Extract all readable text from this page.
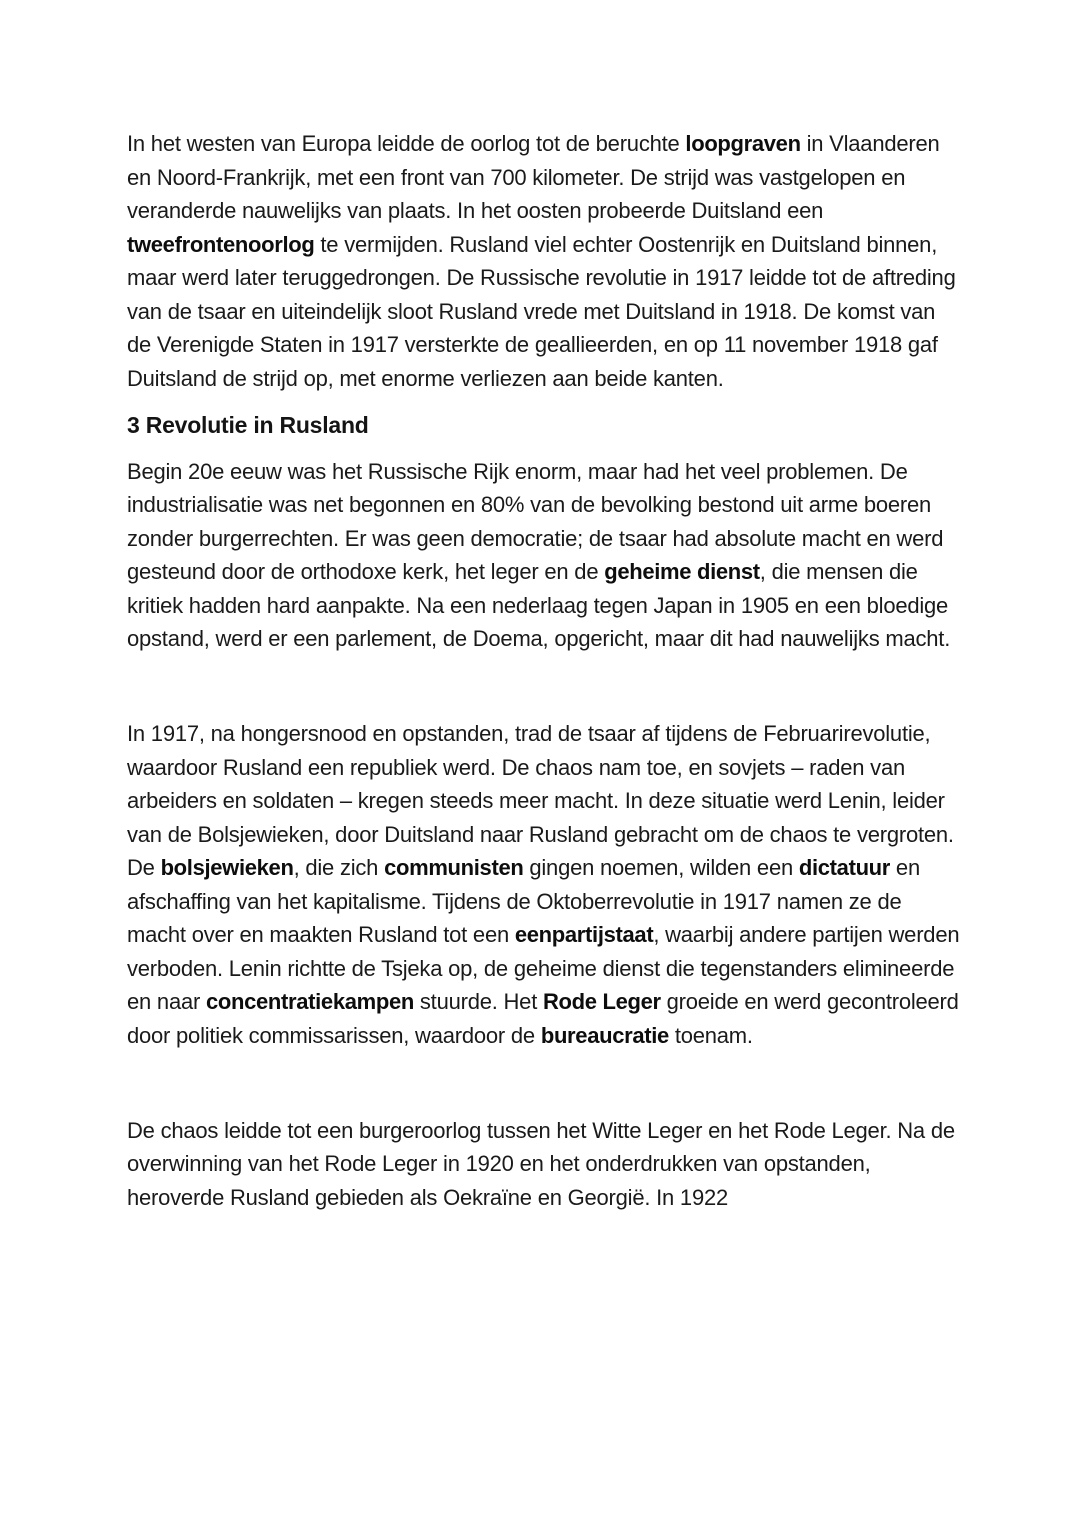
In het westen van Europa leidde de oorlog tot de beruchte loopgraven in Vlaanderen en Noord-Frankrijk, met een front van 700 kilometer. De strijd was vastgelopen en veranderde nauwelijks van plaats. In het oosten probeerde Duitsland een tweefrontenoorlog te vermijden. Rusland viel echter Oostenrijk en Duitsland binnen, maar werd later teruggedrongen. De Russische revolutie in 1917 leidde tot de aftreding van de tsaar en uiteindelijk sloot Rusland vrede met Duitsland in 1918. De komst van de Verenigde Staten in 1917 versterkte de geallieerden, en op 11 november 1918 gaf Duitsland de strijd op, met enorme verliezen aan beide kanten.

3 Revolutie in Rusland

Begin 20e eeuw was het Russische Rijk enorm, maar had het veel problemen. De industrialisatie was net begonnen en 80% van de bevolking bestond uit arme boeren zonder burgerrechten. Er was geen democratie; de tsaar had absolute macht en werd gesteund door de orthodoxe kerk, het leger en de geheime dienst, die mensen die kritiek hadden hard aanpakte. Na een nederlaag tegen Japan in 1905 en een bloedige opstand, werd er een parlement, de Doema, opgericht, maar dit had nauwelijks macht.

In 1917, na hongersnood en opstanden, trad de tsaar af tijdens de Februarirevolutie, waardoor Rusland een republiek werd. De chaos nam toe, en sovjets – raden van arbeiders en soldaten – kregen steeds meer macht. In deze situatie werd Lenin, leider van de Bolsjewieken, door Duitsland naar Rusland gebracht om de chaos te vergroten. De bolsjewieken, die zich communisten gingen noemen, wilden een dictatuur en afschaffing van het kapitalisme. Tijdens de Oktoberrevolutie in 1917 namen ze de macht over en maakten Rusland tot een eenpartijstaat, waarbij andere partijen werden verboden. Lenin richtte de Tsjeka op, de geheime dienst die tegenstanders elimineerde en naar concentratiekampen stuurde. Het Rode Leger groeide en werd gecontroleerd door politiek commissarissen, waardoor de bureaucratie toenam.

De chaos leidde tot een burgeroorlog tussen het Witte Leger en het Rode Leger. Na de overwinning van het Rode Leger in 1920 en het onderdrukken van opstanden, heroverde Rusland gebieden als Oekraïne en Georgië. In 1922
